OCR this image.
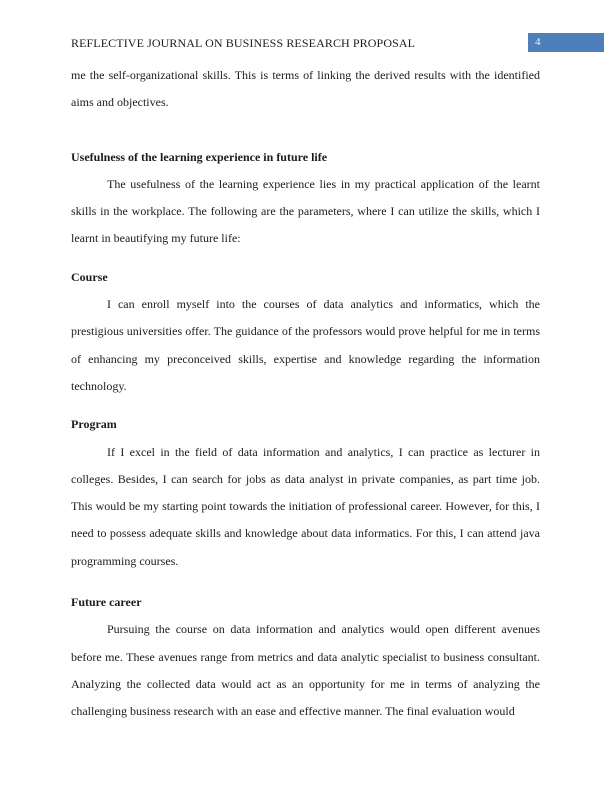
REFLECTIVE JOURNAL ON BUSINESS RESEARCH PROPOSAL	4

me the self-organizational skills. This is terms of linking the derived results with the identified aims and objectives.

Usefulness of the learning experience in future life

The usefulness of the learning experience lies in my practical application of the learnt skills in the workplace. The following are the parameters, where I can utilize the skills, which I learnt in beautifying my future life:

Course

I can enroll myself into the courses of data analytics and informatics, which the prestigious universities offer. The guidance of the professors would prove helpful for me in terms of enhancing my preconceived skills, expertise and knowledge regarding the information technology.

Program

If I excel in the field of data information and analytics, I can practice as lecturer in colleges. Besides, I can search for jobs as data analyst in private companies, as part time job. This would be my starting point towards the initiation of professional career. However, for this, I need to possess adequate skills and knowledge about data informatics. For this, I can attend java programming courses.

Future career

Pursuing the course on data information and analytics would open different avenues before me. These avenues range from metrics and data analytic specialist to business consultant. Analyzing the collected data would act as an opportunity for me in terms of analyzing the challenging business research with an ease and effective manner. The final evaluation would
